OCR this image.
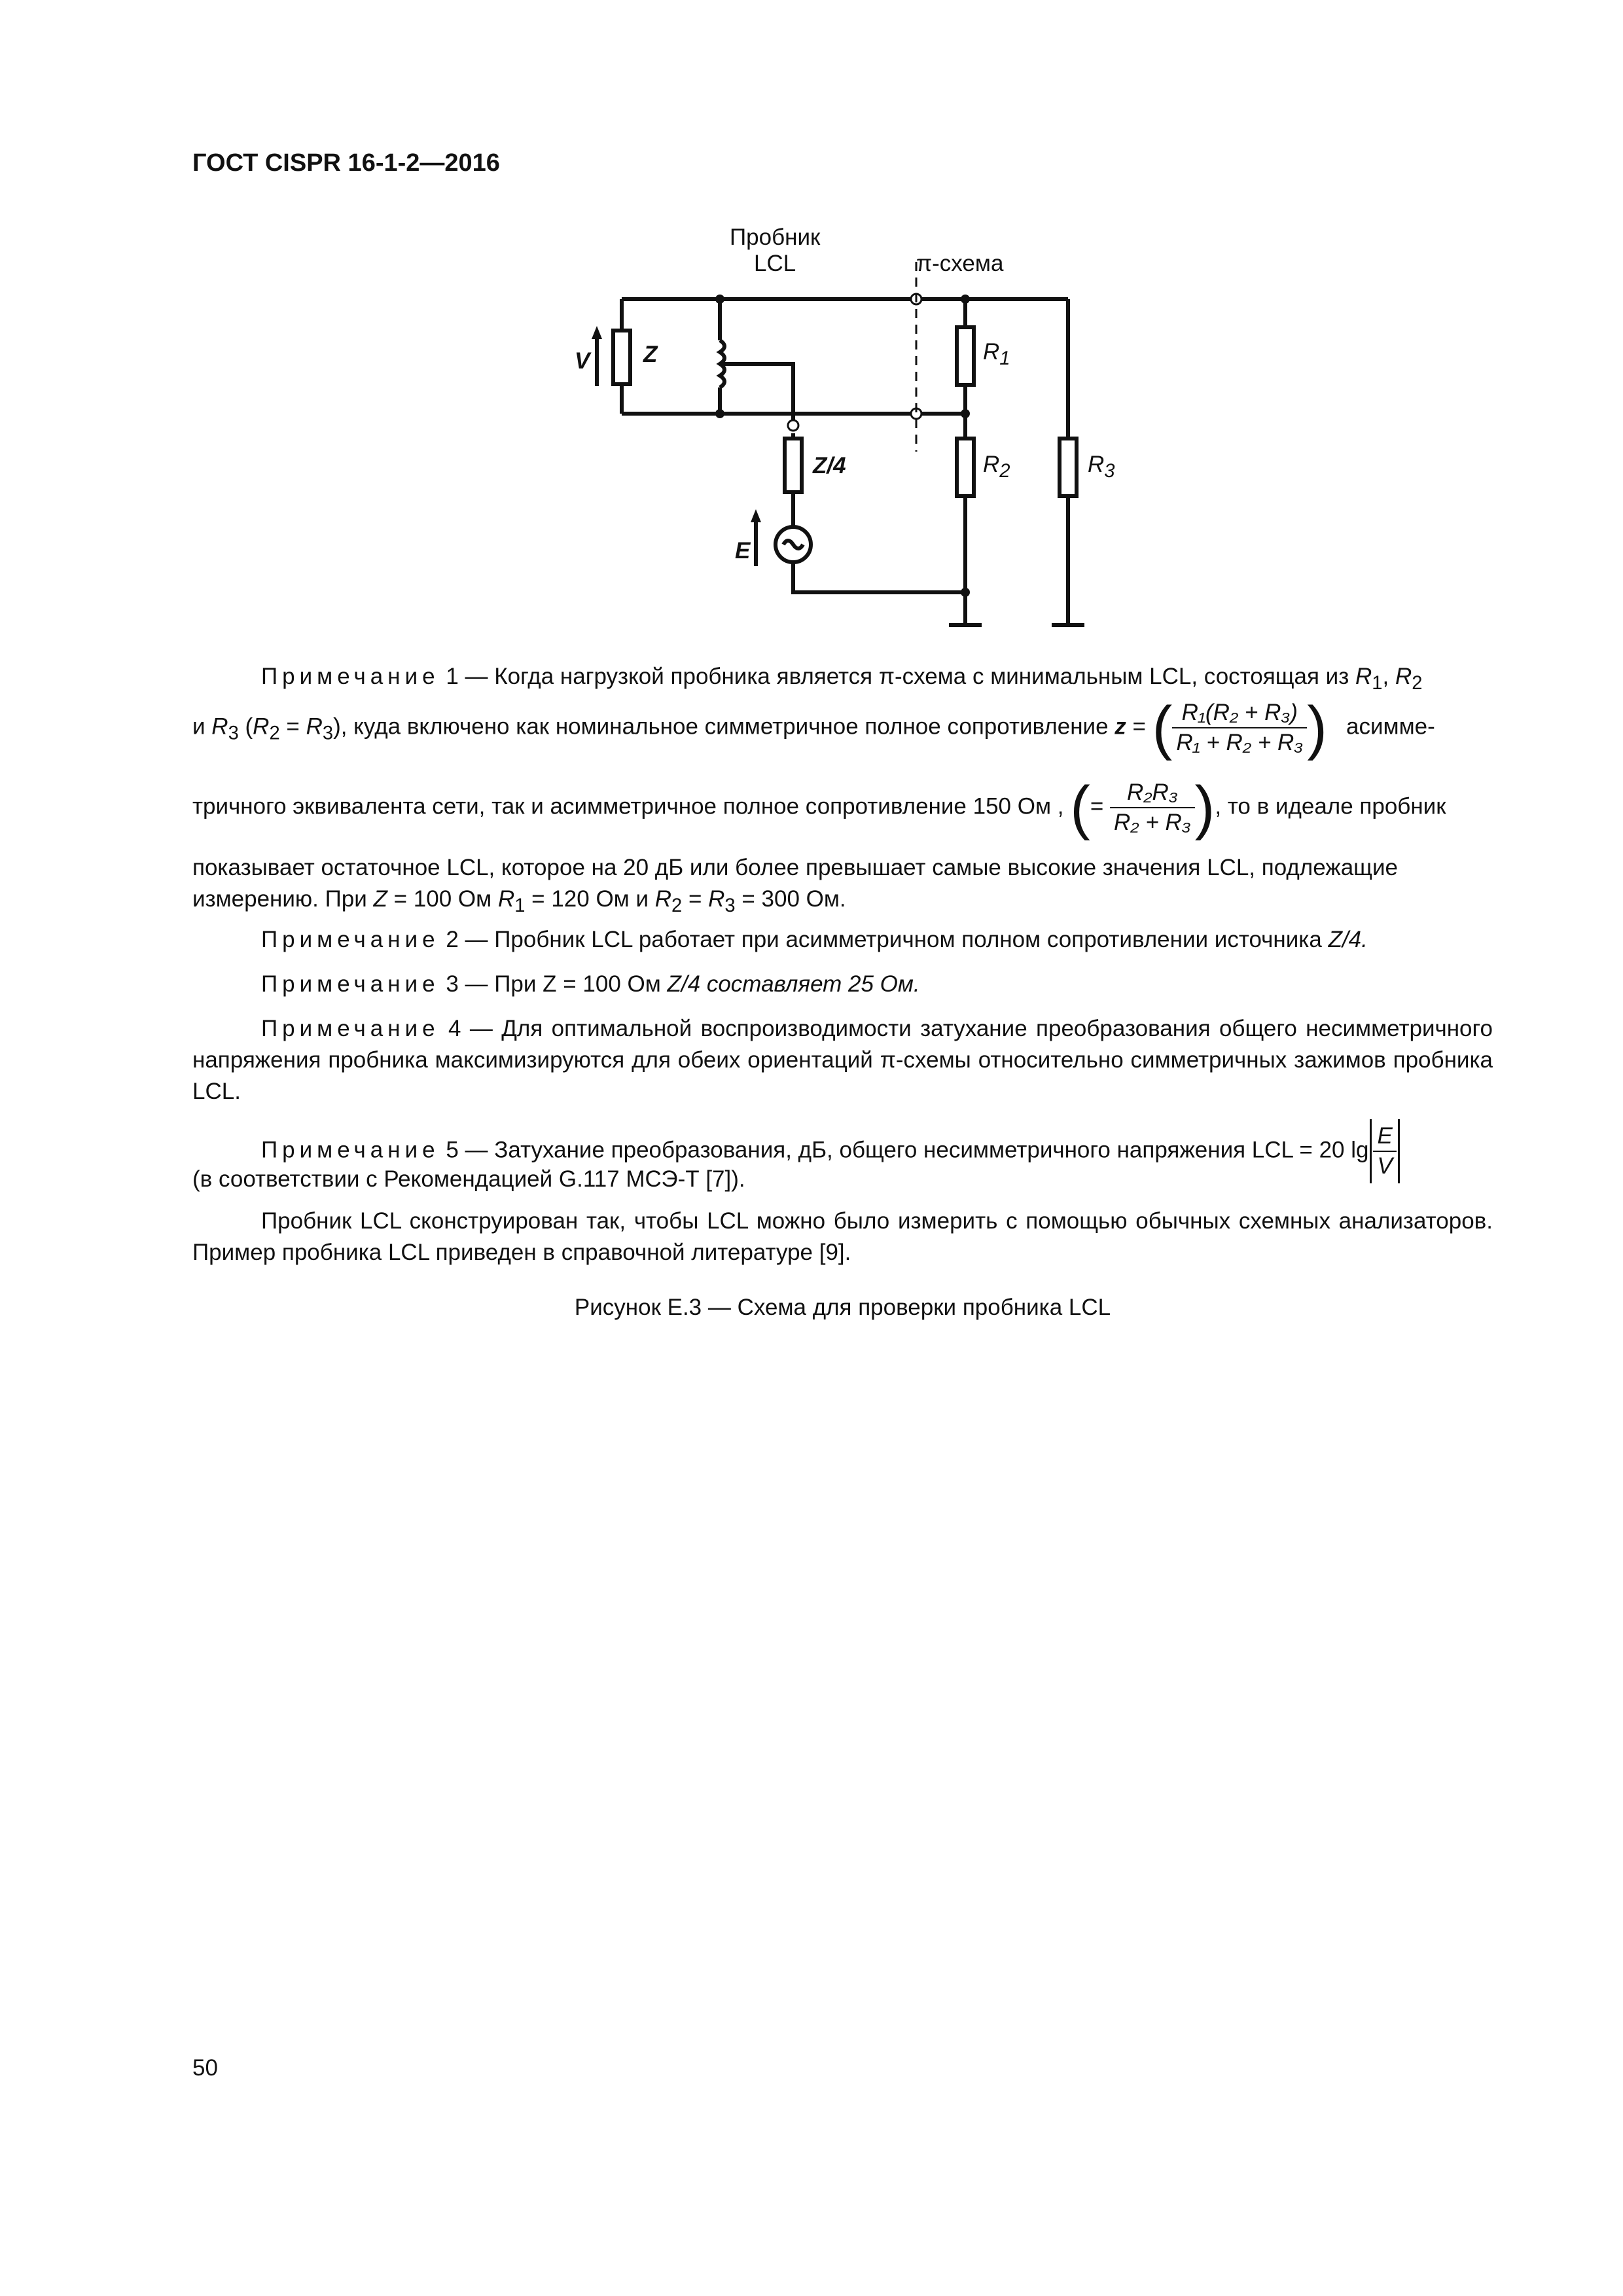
ГОСТ CISPR 16-1-2—2016
Пробник
LCL	π-схема
V Z
Z/4
E
$R_1$
$R_2$	$R_3$
Примечание 1 — Когда нагрузкой пробника является π-схема с минимальным LCL, состоящая из $R_1$, $R_2$
и $R_3$ $(R_2 = R_3)$, куда включено как номинальное симметричное полное сопротивление z = ( $\frac{\text{R₁(R₂ + R₃)}}{\text{R₁ + R₂ + R₃}}$ ) асимме-
тричного эквивалента сети, так и асимметричное полное сопротивление 150 Ом , (= $\frac{\text{R₂R₃}}{\text{R₂ + R₃}}$ ), то в идеале пробник
показывает остаточное LCL, которое на 20 дБ или более превышает самые высокие значения LCL, подлежащие измерению. При Z = 100 Ом $R_1 = 120$ Ом и $R_2 = R_3 = 300$ Ом.
Примечание 2 — Пробник LCL работает при асимметричном полном сопротивлении источника Z/4.
Примечание 3 — При Z = 100 Ом Z/4 составляет 25 Ом.
Примечание 4 — Для оптимальной воспроизводимости затухание преобразования общего несимметричного напряжения пробника максимизируются для обеих ориентаций π-схемы относительно симметричных зажимов пробника LCL.
Примечание 5 — Затухание преобразования, дБ, общего несимметричного напряжения LCL = 20 $\lg \frac{E}{V}$
(в соответствии с Рекомендацией G.117 МСЭ-Т [7]).
Пробник LCL сконструирован так, чтобы LCL можно было измерить с помощью обычных схемных анализаторов. Пример пробника LCL приведен в справочной литературе [9].
Рисунок Е.3 — Схема для проверки пробника LCL
50
